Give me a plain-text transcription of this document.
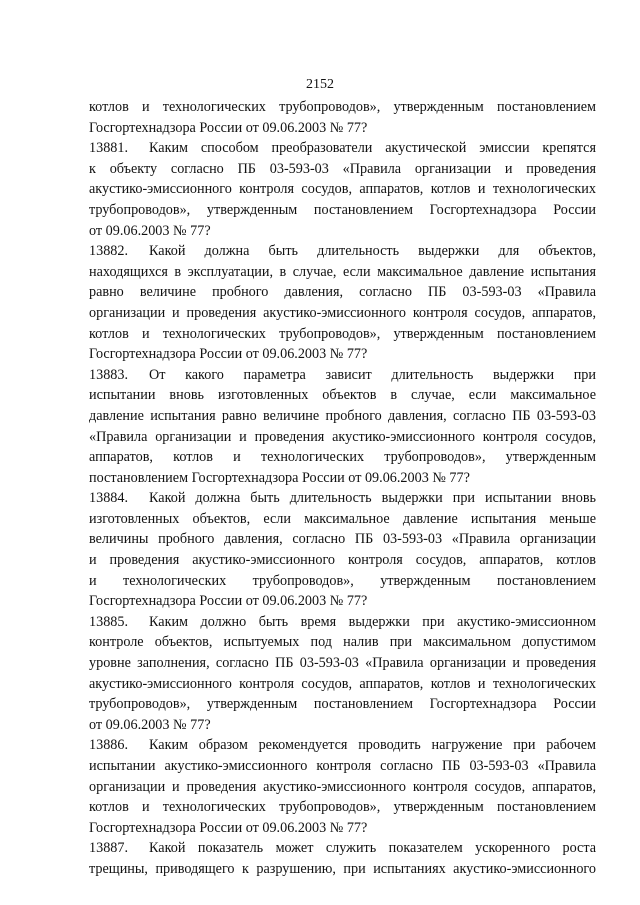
2152
котлов и технологических трубопроводов», утвержденным постановлением
Госгортехнадзора России от 09.06.2003 № 77?
13881. Каким способом преобразователи акустической эмиссии крепятся
к объекту согласно ПБ 03-593-03 «Правила организации и проведения
акустико-эмиссионного контроля сосудов, аппаратов, котлов и технологических
трубопроводов», утвержденным постановлением Госгортехнадзора России
от 09.06.2003 № 77?
13882. Какой должна быть длительность выдержки для объектов,
находящихся в эксплуатации, в случае, если максимальное давление испытания
равно величине пробного давления, согласно ПБ 03-593-03 «Правила
организации и проведения акустико-эмиссионного контроля сосудов, аппаратов,
котлов и технологических трубопроводов», утвержденным постановлением
Госгортехнадзора России от 09.06.2003 № 77?
13883. От какого параметра зависит длительность выдержки при
испытании вновь изготовленных объектов в случае, если максимальное
давление испытания равно величине пробного давления, согласно ПБ 03-593-03
«Правила организации и проведения акустико-эмиссионного контроля сосудов,
аппаратов, котлов и технологических трубопроводов», утвержденным
постановлением Госгортехнадзора России от 09.06.2003 № 77?
13884. Какой должна быть длительность выдержки при испытании вновь
изготовленных объектов, если максимальное давление испытания меньше
величины пробного давления, согласно ПБ 03-593-03 «Правила организации
и проведения акустико-эмиссионного контроля сосудов, аппаратов, котлов
и технологических трубопроводов», утвержденным постановлением
Госгортехнадзора России от 09.06.2003 № 77?
13885. Каким должно быть время выдержки при акустико-эмиссионном
контроле объектов, испытуемых под налив при максимальном допустимом
уровне заполнения, согласно ПБ 03-593-03 «Правила организации и проведения
акустико-эмиссионного контроля сосудов, аппаратов, котлов и технологических
трубопроводов», утвержденным постановлением Госгортехнадзора России
от 09.06.2003 № 77?
13886. Каким образом рекомендуется проводить нагружение при рабочем
испытании акустико-эмиссионного контроля согласно ПБ 03-593-03 «Правила
организации и проведения акустико-эмиссионного контроля сосудов, аппаратов,
котлов и технологических трубопроводов», утвержденным постановлением
Госгортехнадзора России от 09.06.2003 № 77?
13887. Какой показатель может служить показателем ускоренного роста
трещины, приводящего к разрушению, при испытаниях акустико-эмиссионного
